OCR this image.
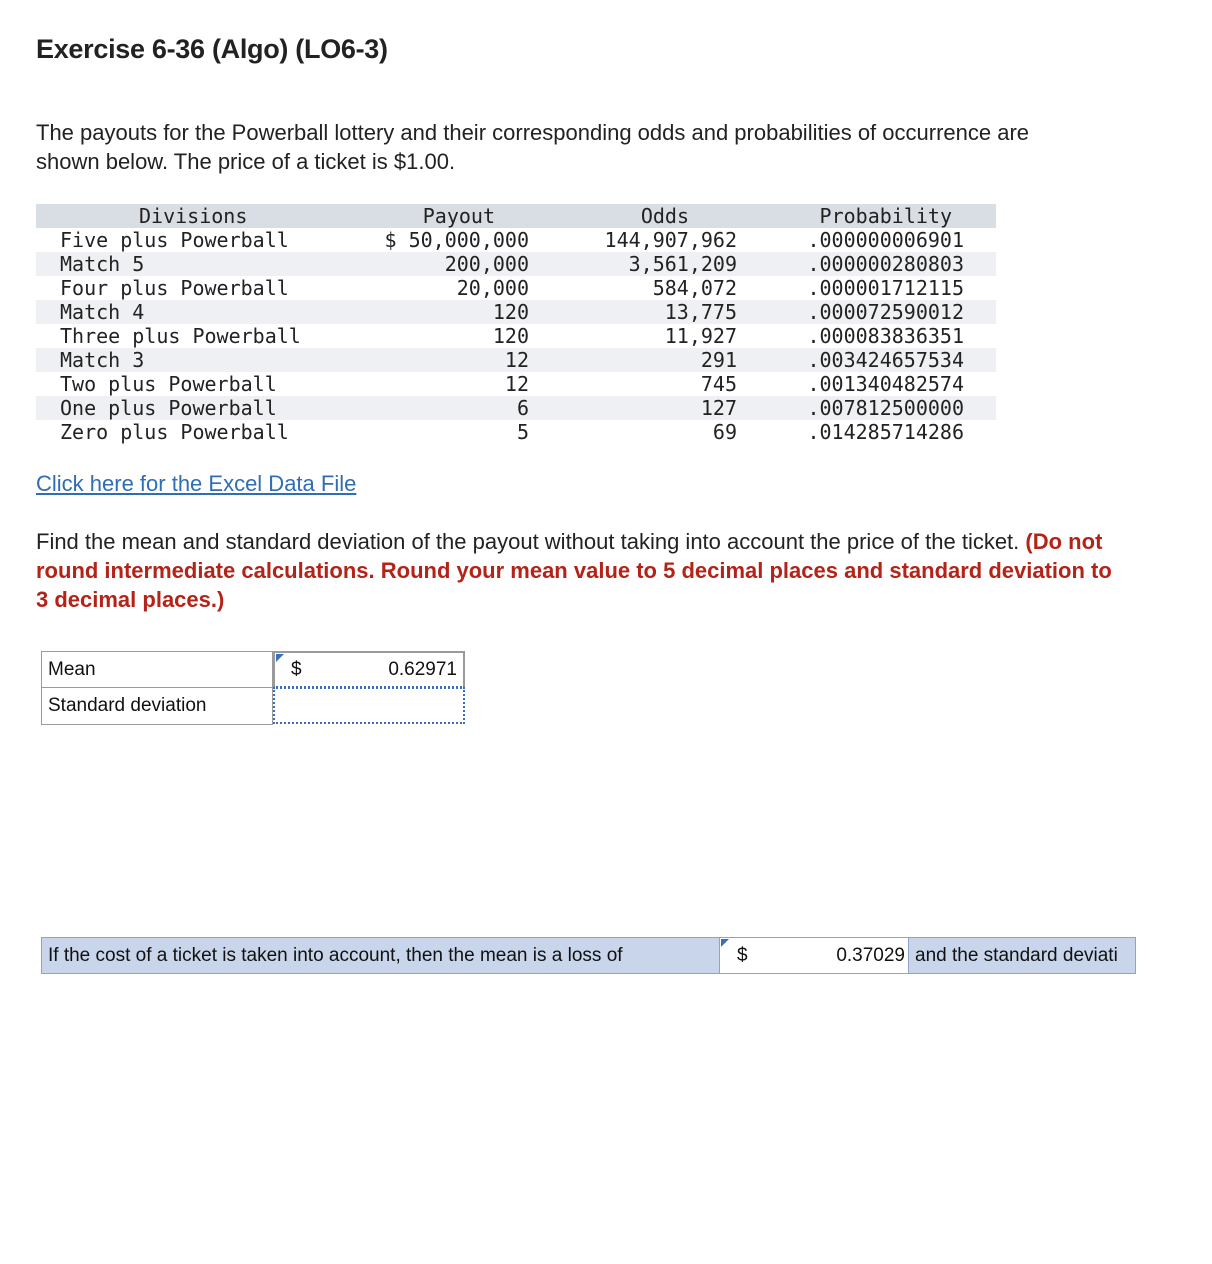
Exercise 6-36 (Algo) (LO6-3)

The payouts for the Powerball lottery and their corresponding odds and probabilities of occurrence are shown below. The price of a ticket is $1.00.

Divisions	Payout	Odds	Probability
Five plus Powerball	$ 50,000,000	144,907,962	.000000006901
Match 5	200,000	3,561,209	.000000280803
Four plus Powerball	20,000	584,072	.000001712115
Match 4	120	13,775	.000072590012
Three plus Powerball	120	11,927	.000083836351
Match 3	12	291	.003424657534
Two plus Powerball	12	745	.001340482574
One plus Powerball	6	127	.007812500000
Zero plus Powerball	5	69	.014285714286
Click here for the Excel Data File

Find the mean and standard deviation of the payout without taking into account the price of the ticket. (Do not round intermediate calculations. Round your mean value to 5 decimal places and standard deviation to 3 decimal places.)

Mean	$	0.62971
Standard deviation
If the cost of a ticket is taken into account, then the mean is a loss of	$	0.37029 and the standard deviati
